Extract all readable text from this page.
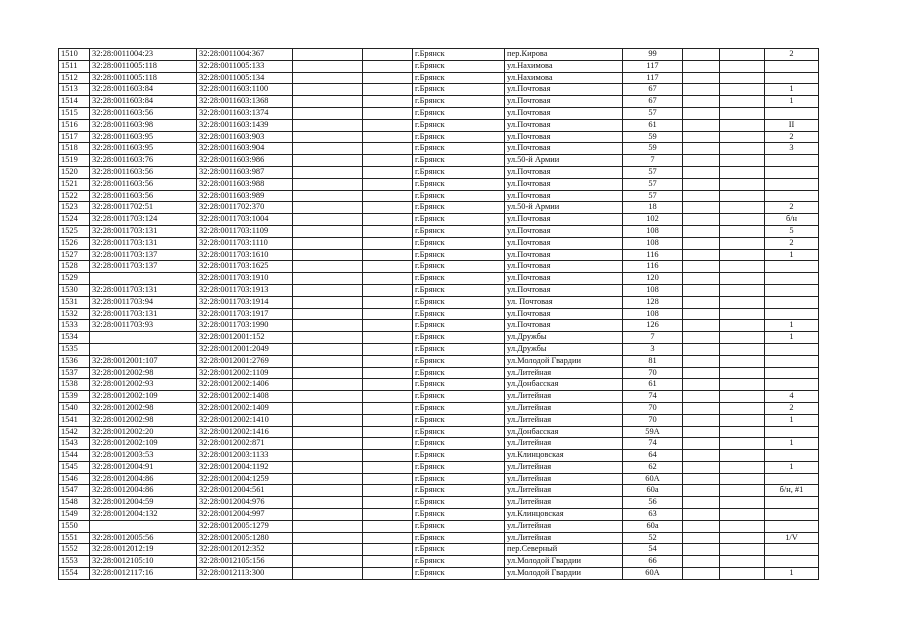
1510	32:28:0011004:23	32:28:0011004:367			г.Брянск	пер.Кирова	99			2
1511	32:28:0011005:118	32:28:0011005:133			г.Брянск	ул.Нахимова	117			
1512	32:28:0011005:118	32:28:0011005:134			г.Брянск	ул.Нахимова	117			
1513	32:28:0011603:84	32:28:0011603:1100			г.Брянск	ул.Почтовая	67			1
1514	32:28:0011603:84	32:28:0011603:1368			г.Брянск	ул.Почтовая	67			1
1515	32:28:0011603:56	32:28:0011603:1374			г.Брянск	ул.Почтовая	57			
1516	32:28:0011603:98	32:28:0011603:1439			г.Брянск	ул.Почтовая	61			II
1517	32:28:0011603:95	32:28:0011603:903			г.Брянск	ул.Почтовая	59			2
1518	32:28:0011603:95	32:28:0011603:904			г.Брянск	ул.Почтовая	59			3
1519	32:28:0011603:76	32:28:0011603:986			г.Брянск	ул.50-й Армии	7			
1520	32:28:0011603:56	32:28:0011603:987			г.Брянск	ул.Почтовая	57			
1521	32:28:0011603:56	32:28:0011603:988			г.Брянск	ул.Почтовая	57			
1522	32:28:0011603:56	32:28:0011603:989			г.Брянск	ул.Почтовая	57			
1523	32:28:0011702:51	32:28:0011702:370			г.Брянск	ул.50-й Армии	18			2
1524	32:28:0011703:124	32:28:0011703:1004			г.Брянск	ул.Почтовая	102			б/н
1525	32:28:0011703:131	32:28:0011703:1109			г.Брянск	ул.Почтовая	108			5
1526	32:28:0011703:131	32:28:0011703:1110			г.Брянск	ул.Почтовая	108			2
1527	32:28:0011703:137	32:28:0011703:1610			г.Брянск	ул.Почтовая	116			1
1528	32:28:0011703:137	32:28:0011703:1625			г.Брянск	ул.Почтовая	116			
1529		32:28:0011703:1910			г.Брянск	ул.Почтовая	120			
1530	32:28:0011703:131	32:28:0011703:1913			г.Брянск	ул.Почтовая	108			
1531	32:28:0011703:94	32:28:0011703:1914			г.Брянск	ул. Почтовая	128			
1532	32:28:0011703:131	32:28:0011703:1917			г.Брянск	ул.Почтовая	108			
1533	32:28:0011703:93	32:28:0011703:1990			г.Брянск	ул.Почтовая	126			1
1534		32:28:0012001:152			г.Брянск	ул.Дружбы	7			1
1535		32:28:0012001:2049			г.Брянск	ул.Дружбы	3			
1536	32:28:0012001:107	32:28:0012001:2769			г.Брянск	ул.Молодой Гвардии	81			
1537	32:28:0012002:98	32:28:0012002:1109			г.Брянск	ул.Литейная	70			
1538	32:28:0012002:93	32:28:0012002:1406			г.Брянск	ул.Донбасская	61			
1539	32:28:0012002:109	32:28:0012002:1408			г.Брянск	ул.Литейная	74			4
1540	32:28:0012002:98	32:28:0012002:1409			г.Брянск	ул.Литейная	70			2
1541	32:28:0012002:98	32:28:0012002:1410			г.Брянск	ул.Литейная	70			1
1542	32:28:0012002:20	32:28:0012002:1416			г.Брянск	ул.Донбасская	59А			
1543	32:28:0012002:109	32:28:0012002:871			г.Брянск	ул.Литейная	74			1
1544	32:28:0012003:53	32:28:0012003:1133			г.Брянск	ул.Клинцовская	64			
1545	32:28:0012004:91	32:28:0012004:1192			г.Брянск	ул.Литейная	62			1
1546	32:28:0012004:86	32:28:0012004:1259			г.Брянск	ул.Литейная	60А			
1547	32:28:0012004:86	32:28:0012004:561			г.Брянск	ул.Литейная	60а			б/н, #1
1548	32:28:0012004:59	32:28:0012004:976			г.Брянск	ул.Литейная	56			
1549	32:28:0012004:132	32:28:0012004:997			г.Брянск	ул.Клинцовская	63			
1550		32:28:0012005:1279			г.Брянск	ул.Литейная	60а			
1551	32:28:0012005:56	32:28:0012005:1280			г.Брянск	ул.Литейная	52			1/V
1552	32:28:0012012:19	32:28:0012012:352			г.Брянск	пер.Северный	54			
1553	32:28:0012105:10	32:28:0012105:156			г.Брянск	ул.Молодой Гвардии	66			
1554	32:28:0012117:16	32:28:0012113:300			г.Брянск	ул.Молодой Гвардии	60А			1
